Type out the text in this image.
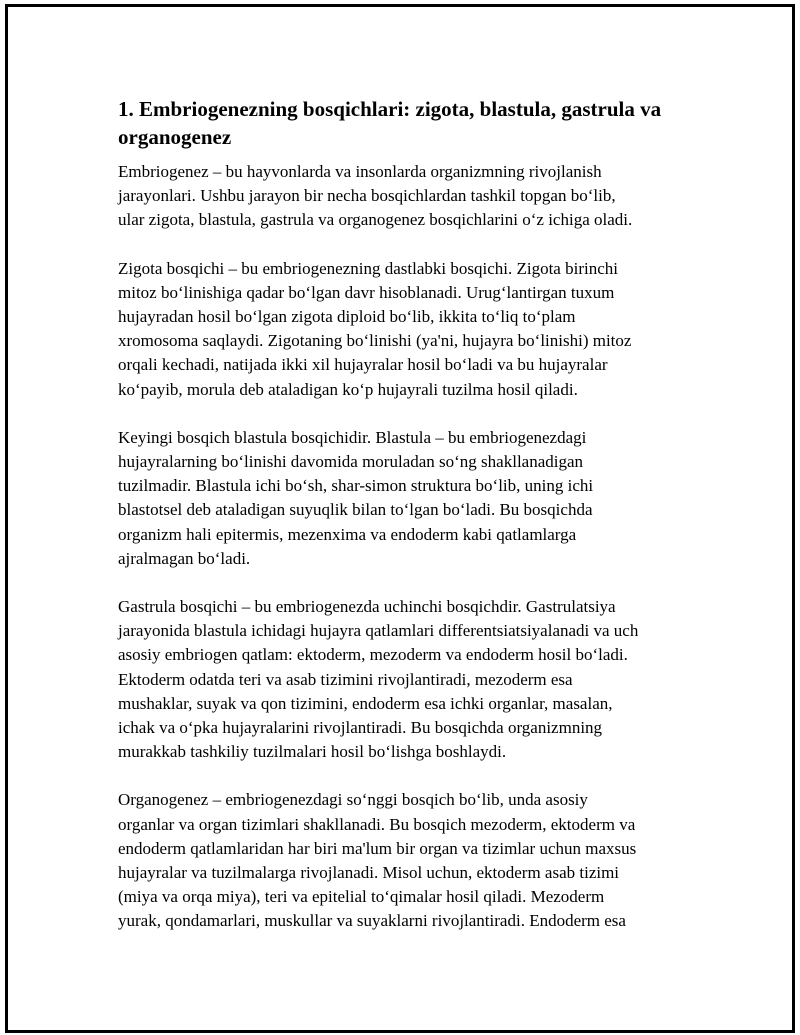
1. Embriogenezning bosqichlari: zigota, blastula, gastrula va
organogenez

Embriogenez – bu hayvonlarda va insonlarda organizmning rivojlanish
jarayonlari. Ushbu jarayon bir necha bosqichlardan tashkil topgan bo‘lib,
ular zigota, blastula, gastrula va organogenez bosqichlarini o‘z ichiga oladi.

Zigota bosqichi – bu embriogenezning dastlabki bosqichi. Zigota birinchi
mitoz bo‘linishiga qadar bo‘lgan davr hisoblanadi. Urug‘lantirgan tuxum
hujayradan hosil bo‘lgan zigota diploid bo‘lib, ikkita to‘liq to‘plam
xromosoma saqlaydi. Zigotaning bo‘linishi (ya'ni, hujayra bo‘linishi) mitoz
orqali kechadi, natijada ikki xil hujayralar hosil bo‘ladi va bu hujayralar
ko‘payib, morula deb ataladigan ko‘p hujayrali tuzilma hosil qiladi.

Keyingi bosqich blastula bosqichidir. Blastula – bu embriogenezdagi
hujayralarning bo‘linishi davomida moruladan so‘ng shakllanadigan
tuzilmadir. Blastula ichi bo‘sh, shar-simon struktura bo‘lib, uning ichi
blastotsel deb ataladigan suyuqlik bilan to‘lgan bo‘ladi. Bu bosqichda
organizm hali epitermis, mezenxima va endoderm kabi qatlamlarga
ajralmagan bo‘ladi.

Gastrula bosqichi – bu embriogenezda uchinchi bosqichdir. Gastrulatsiya
jarayonida blastula ichidagi hujayra qatlamlari differentsiatsiyalanadi va uch
asosiy embriogen qatlam: ektoderm, mezoderm va endoderm hosil bo‘ladi.
Ektoderm odatda teri va asab tizimini rivojlantiradi, mezoderm esa
mushaklar, suyak va qon tizimini, endoderm esa ichki organlar, masalan,
ichak va o‘pka hujayralarini rivojlantiradi. Bu bosqichda organizmning
murakkab tashkiliy tuzilmalari hosil bo‘lishga boshlaydi.

Organogenez – embriogenezdagi so‘nggi bosqich bo‘lib, unda asosiy
organlar va organ tizimlari shakllanadi. Bu bosqich mezoderm, ektoderm va
endoderm qatlamlaridan har biri ma'lum bir organ va tizimlar uchun maxsus
hujayralar va tuzilmalarga rivojlanadi. Misol uchun, ektoderm asab tizimi
(miya va orqa miya), teri va epitelial to‘qimalar hosil qiladi. Mezoderm
yurak, qondamarlari, muskullar va suyaklarni rivojlantiradi. Endoderm esa
